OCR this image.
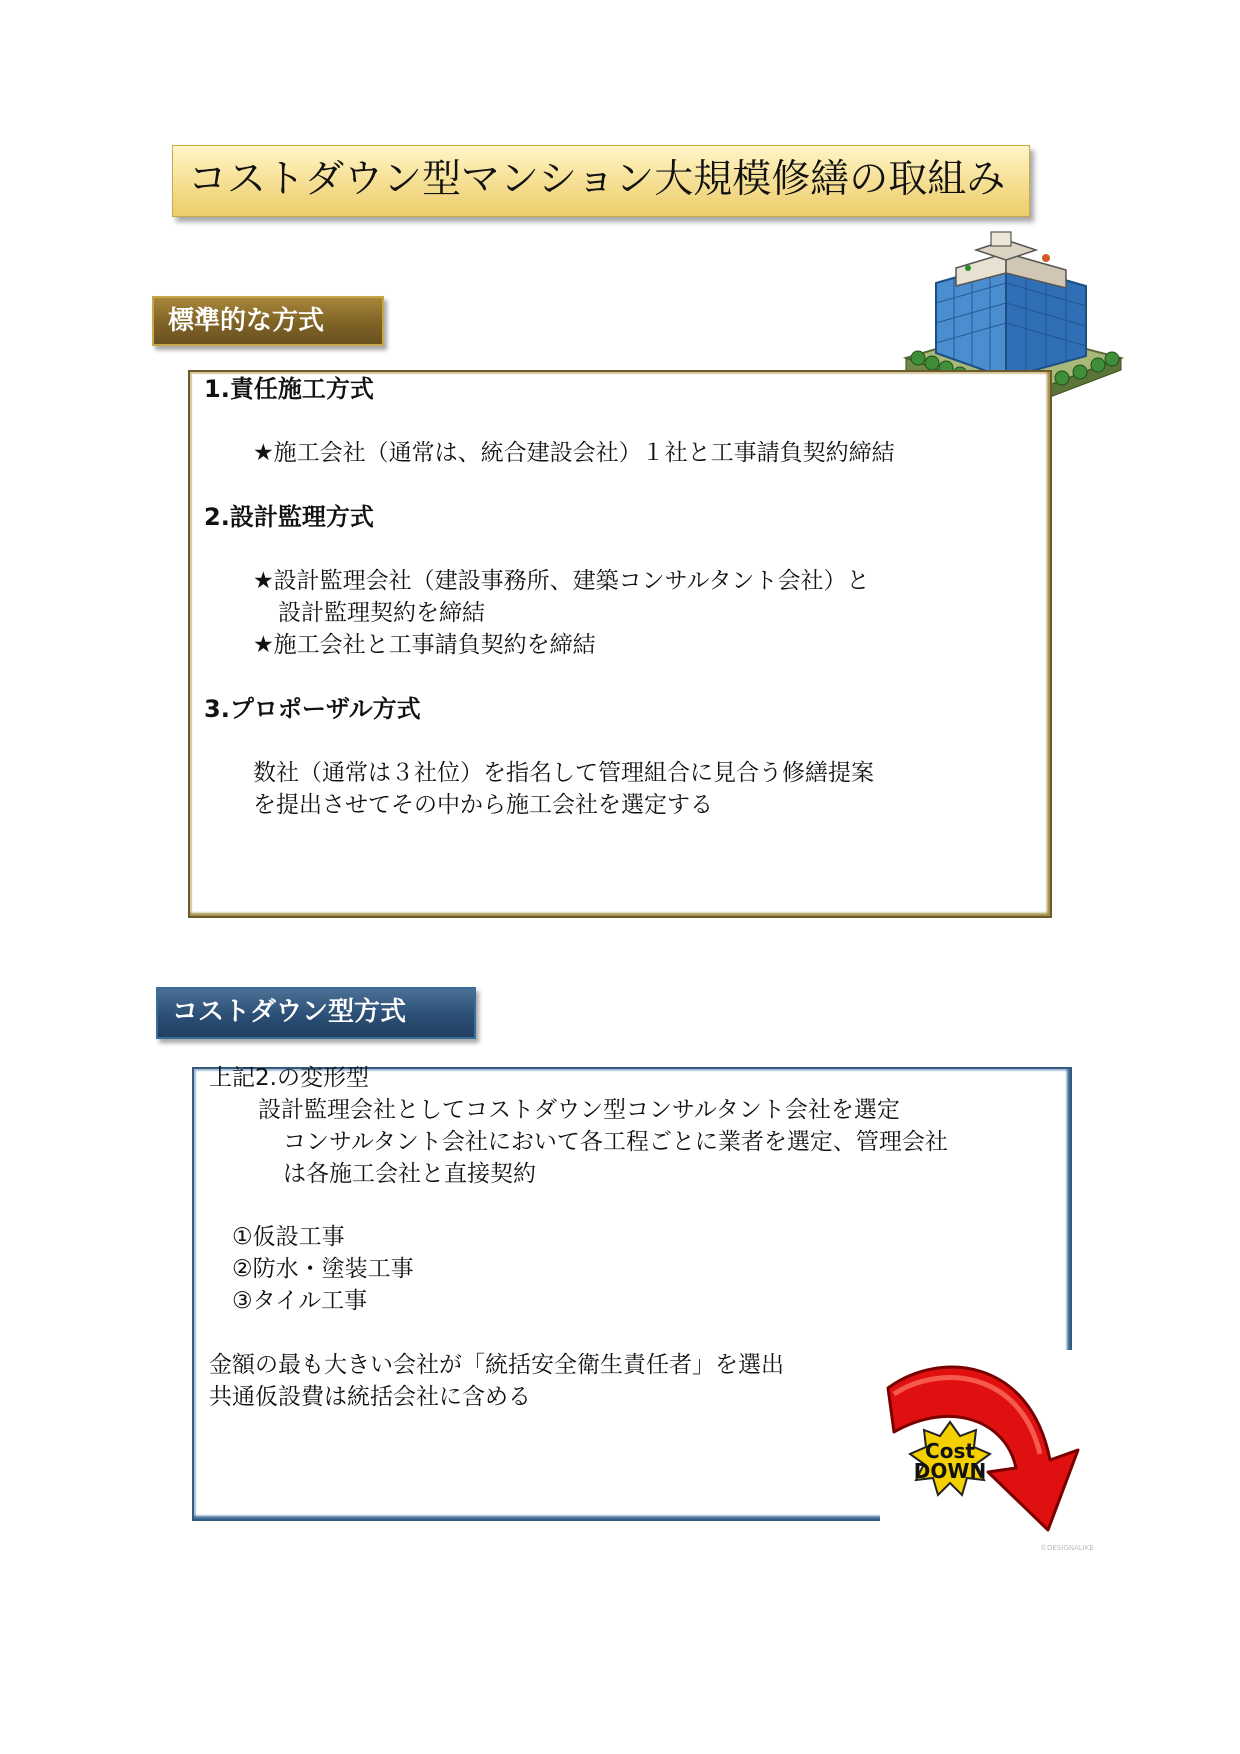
コストダウン型マンション大規模修繕の取組み
標準的な方式
1.責任施工方式
★施工会社（通常は、統合建設会社）１社と工事請負契約締結
2.設計監理方式
★設計監理会社（建設事務所、建築コンサルタント会社）と
設計監理契約を締結
★施工会社と工事請負契約を締結
3.プロポーザル方式
数社（通常は３社位）を指名して管理組合に見合う修繕提案
を提出させてその中から施工会社を選定する
コストダウン型方式
上記2.の変形型
設計監理会社としてコストダウン型コンサルタント会社を選定
コンサルタント会社において各工程ごとに業者を選定、管理会社
は各施工会社と直接契約
①仮設工事
②防水・塗装工事
③タイル工事
金額の最も大きい会社が「統括安全衛生責任者」を選出
共通仮設費は統括会社に含める
Cost
DOWN
©DESIGNALIKE
